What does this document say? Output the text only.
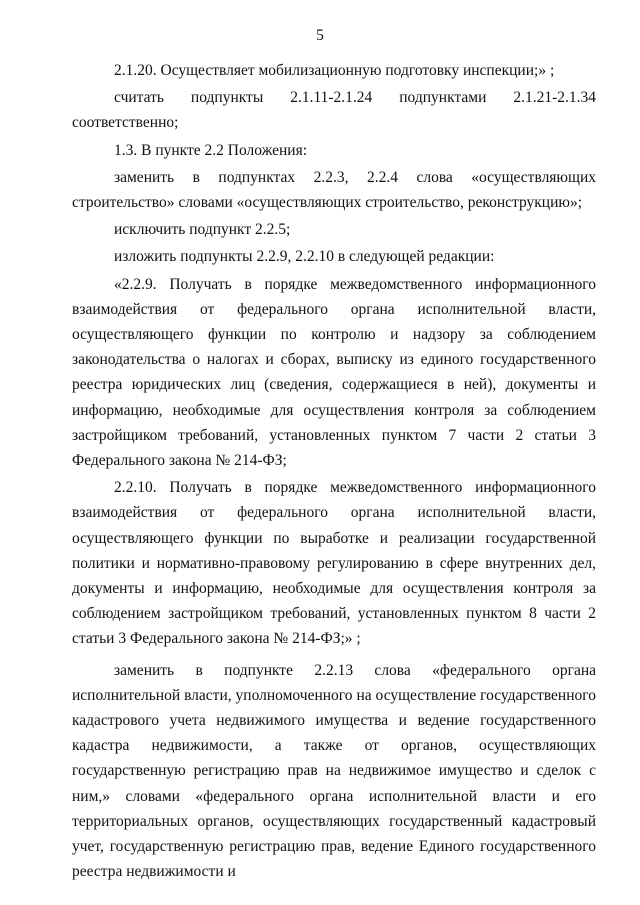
5

2.1.20. Осуществляет мобилизационную подготовку инспекции;» ;

считать подпункты 2.1.11-2.1.24 подпунктами 2.1.21-2.1.34

соответственно;

1.3. В пункте 2.2 Положения:

заменить в подпунктах 2.2.3, 2.2.4 слова «осуществляющих строительство» словами «осуществляющих строительство, реконструкцию»;

исключить подпункт 2.2.5;

изложить подпункты 2.2.9, 2.2.10 в следующей редакции:

«2.2.9. Получать в порядке межведомственного информационного взаимодействия от федерального органа исполнительной власти, осуществляющего функции по контролю и надзору за соблюдением законодательства о налогах и сборах, выписку из единого государственного реестра юридических лиц (сведения, содержащиеся в ней), документы и информацию, необходимые для осуществления контроля за соблюдением застройщиком требований, установленных пунктом 7 части 2 статьи 3 Федерального закона № 214-ФЗ;

2.2.10. Получать в порядке межведомственного информационного взаимодействия от федерального органа исполнительной власти, осуществляющего функции по выработке и реализации государственной политики и нормативно-правовому регулированию в сфере внутренних дел, документы и информацию, необходимые для осуществления контроля за соблюдением застройщиком требований, установленных пунктом 8 части 2 статьи 3 Федерального закона № 214-ФЗ;» ;

заменить в подпункте 2.2.13 слова «федерального органа исполнительной власти, уполномоченного на осуществление государственного кадастрового учета недвижимого имущества и ведение государственного кадастра недвижимости, а также от органов, осуществляющих государственную регистрацию прав на недвижимое имущество и сделок с ним,» словами «федерального органа исполнительной власти и его территориальных органов, осуществляющих государственный кадастровый учет, государственную регистрацию прав, ведение Единого государственного реестра недвижимости и
